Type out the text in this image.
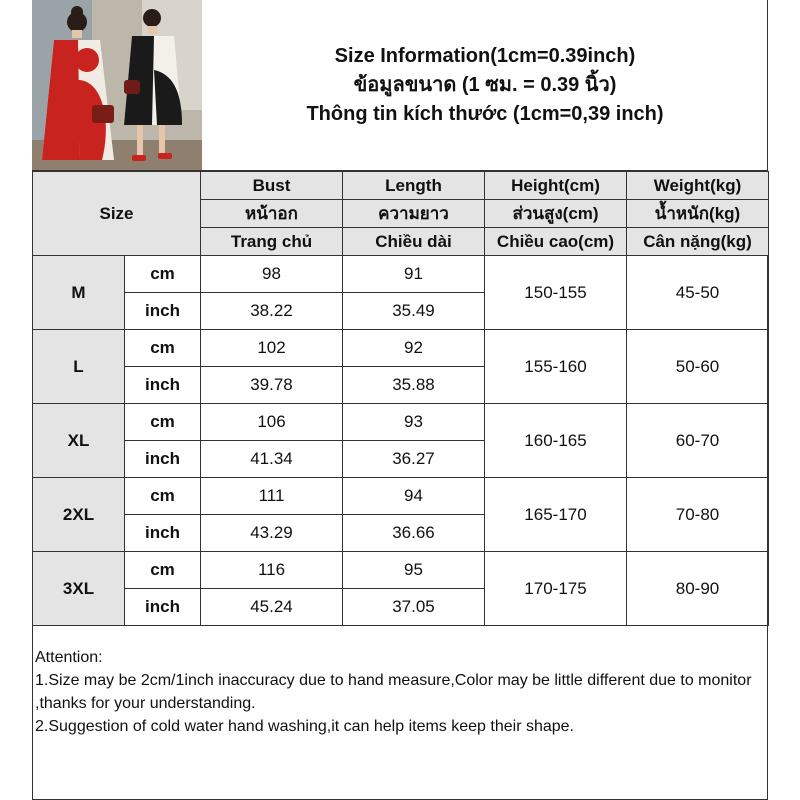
Size Information(1cm=0.39inch)
ข้อมูลขนาด (1 ซม. = 0.39 นิ้ว)
Thông tin kích thước (1cm=0,39 inch)
Size		Bust	Length	Height(cm)	Weight(kg)
		หน้าอก	ความยาว	ส่วนสูง(cm)	น้ำหนัก(kg)
		Trang chủ	Chiều dài	Chiều cao(cm)	Cân nặng(kg)
M	cm	98	91	150-155	45-50
	inch	38.22	35.49		
L	cm	102	92	155-160	50-60
	inch	39.78	35.88		
XL	cm	106	93	160-165	60-70
	inch	41.34	36.27		
2XL	cm	111	94	165-170	70-80
	inch	43.29	36.66		
3XL	cm	116	95	170-175	80-90
	inch	45.24	37.05		
Attention:
1.Size may be 2cm/1inch inaccuracy due to hand measure,Color may be little different due to monitor ,thanks for your understanding.
2.Suggestion of cold water hand washing,it can help items keep their shape.
